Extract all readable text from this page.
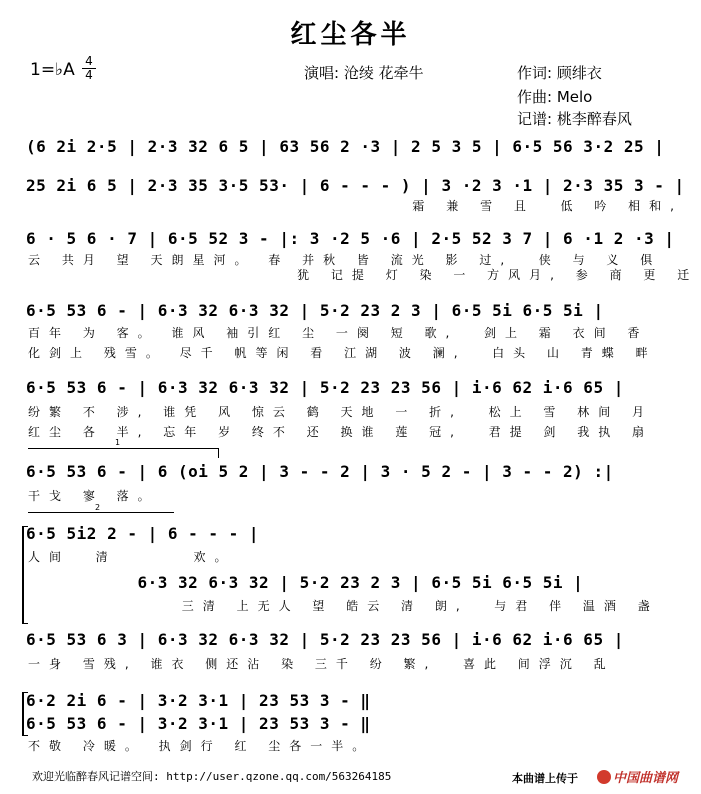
红尘各半
1=♭A 4
4	演唱: 沧绫 花牵牛	作词: 顾绯衣
作曲: Melo
记谱: 桃李醉春风
(6 2i 2·5 | 2·3 32 6 5 | 63 56 2 ·3 | 2 5 3 5 | 6·5 56 3·2 25 |
25 2i 6 5 | 2·3 35 3·5 53· | 6 - - - ) | 3 ·2 3 ·1 | 2·3 35 3 - |
6 · 5 6 · 7 | 6·5 52 3 - |: 3 ·2 5 ·6 | 2·5 52 3 7 | 6 ·1 2 ·3 |
6·5 53 6 - | 6·3 32 6·3 32 | 5·2 23 2 3 | 6·5 5i 6·5 5i |
6·5 53 6 - | 6·3 32 6·3 32 | 5·2 23 23 56 | i·6 62 i·6 65 |
6·5 53 6 - | 6 (oi 5 2 | 3 - - 2 | 3 · 5 2 - | 3 - - 2) :|
6·5 5i2 2 - | 6 - - - |
6·3 32 6·3 32 | 5·2 23 2 3 | 6·5 5i 6·5 5i |
6·5 53 6 3 | 6·3 32 6·3 32 | 5·2 23 23 56 | i·6 62 i·6 65 |
6·2 2i 6 - | 3·2 3·1 | 23 53 3 - ‖
6·5 53 6 - | 3·2 3·1 | 23 53 3 - ‖
霜 兼 雪 且  低 吟 相和,
云 共月 望 天朗星河。 春 并秋 皆 流光 影 过,  侠 与 义 俱
犹 记提 灯 染 一 方风月, 参 商 更 迁
百年 为 客。 谁风 袖引红 尘 一阕 短 歌,  剑上 霜 衣间 香
化剑上 残雪。 尽千 帆等闲 看 江湖 波 澜,  白头 山 青蝶 畔
纷繁 不 涉, 谁凭 风 惊云 鹤 天地 一 折,  松上 雪 林间 月
红尘 各 半, 忘年 岁 终不 还 换谁 莲 冠,  君提 剑 我执 扇
干戈 寥 落。
人间  清      欢。
三清 上无人 望 皓云 清 朗,  与君 伴 温酒 盏
一身 雪残, 谁衣 侧还沾 染 三千 纷 繁,  喜此 间浮沉 乱
不敬 冷暖。 执剑行 红 尘各一半。
1
2
欢迎光临醉春风记谱空间: http://user.qzone.qq.com/563264185	本曲谱上传于	中国曲谱网
